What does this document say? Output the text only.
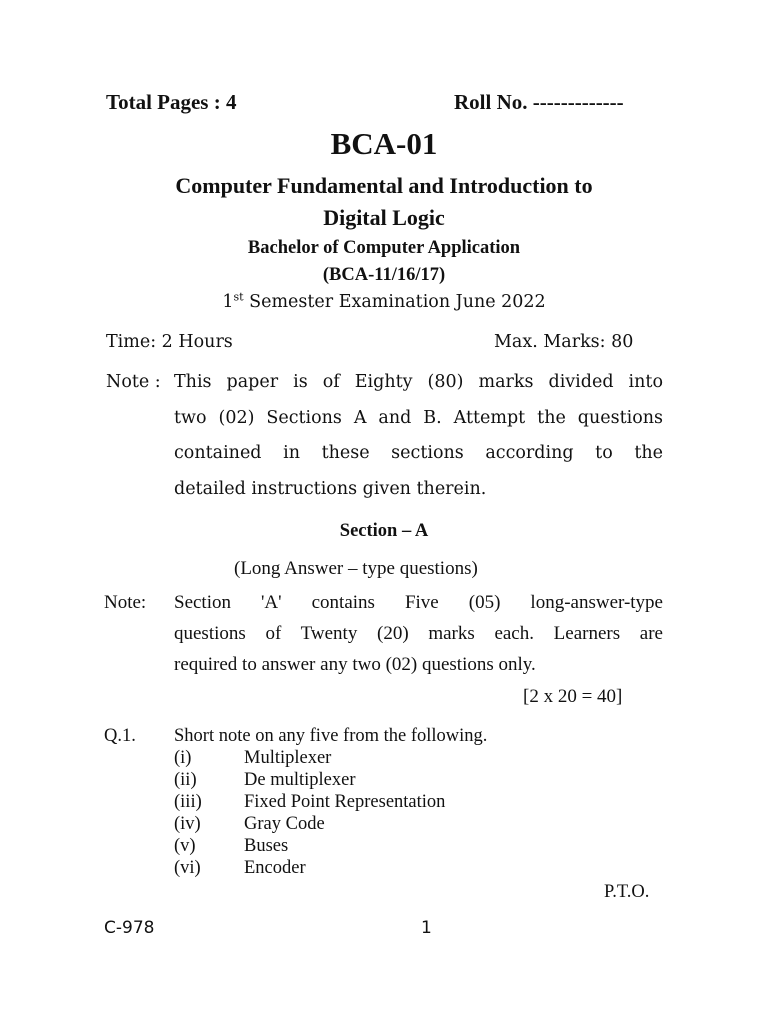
Total Pages : 4	Roll No. -------------
BCA-01
Computer Fundamental and Introduction to
Digital Logic
Bachelor of Computer Application
(BCA-11/16/17)
1st Semester Examination June 2022
Time: 2 Hours	Max. Marks: 80
Note : This paper is of Eighty (80) marks divided into
two (02) Sections A and B. Attempt the questions
contained in these sections according to the
detailed instructions given therein.
Section – A
(Long Answer – type questions)
Note: Section 'A' contains Five (05) long-answer-type
questions of Twenty (20) marks each. Learners are
required to answer any two (02) questions only.
[2 x 20 = 40]
Q.1. Short note on any five from the following.
(i)	Multiplexer
(ii)	De multiplexer
(iii) Fixed Point Representation
(iv) Gray Code
(v)	Buses
(vi) Encoder
P.T.O.
C-978	1
